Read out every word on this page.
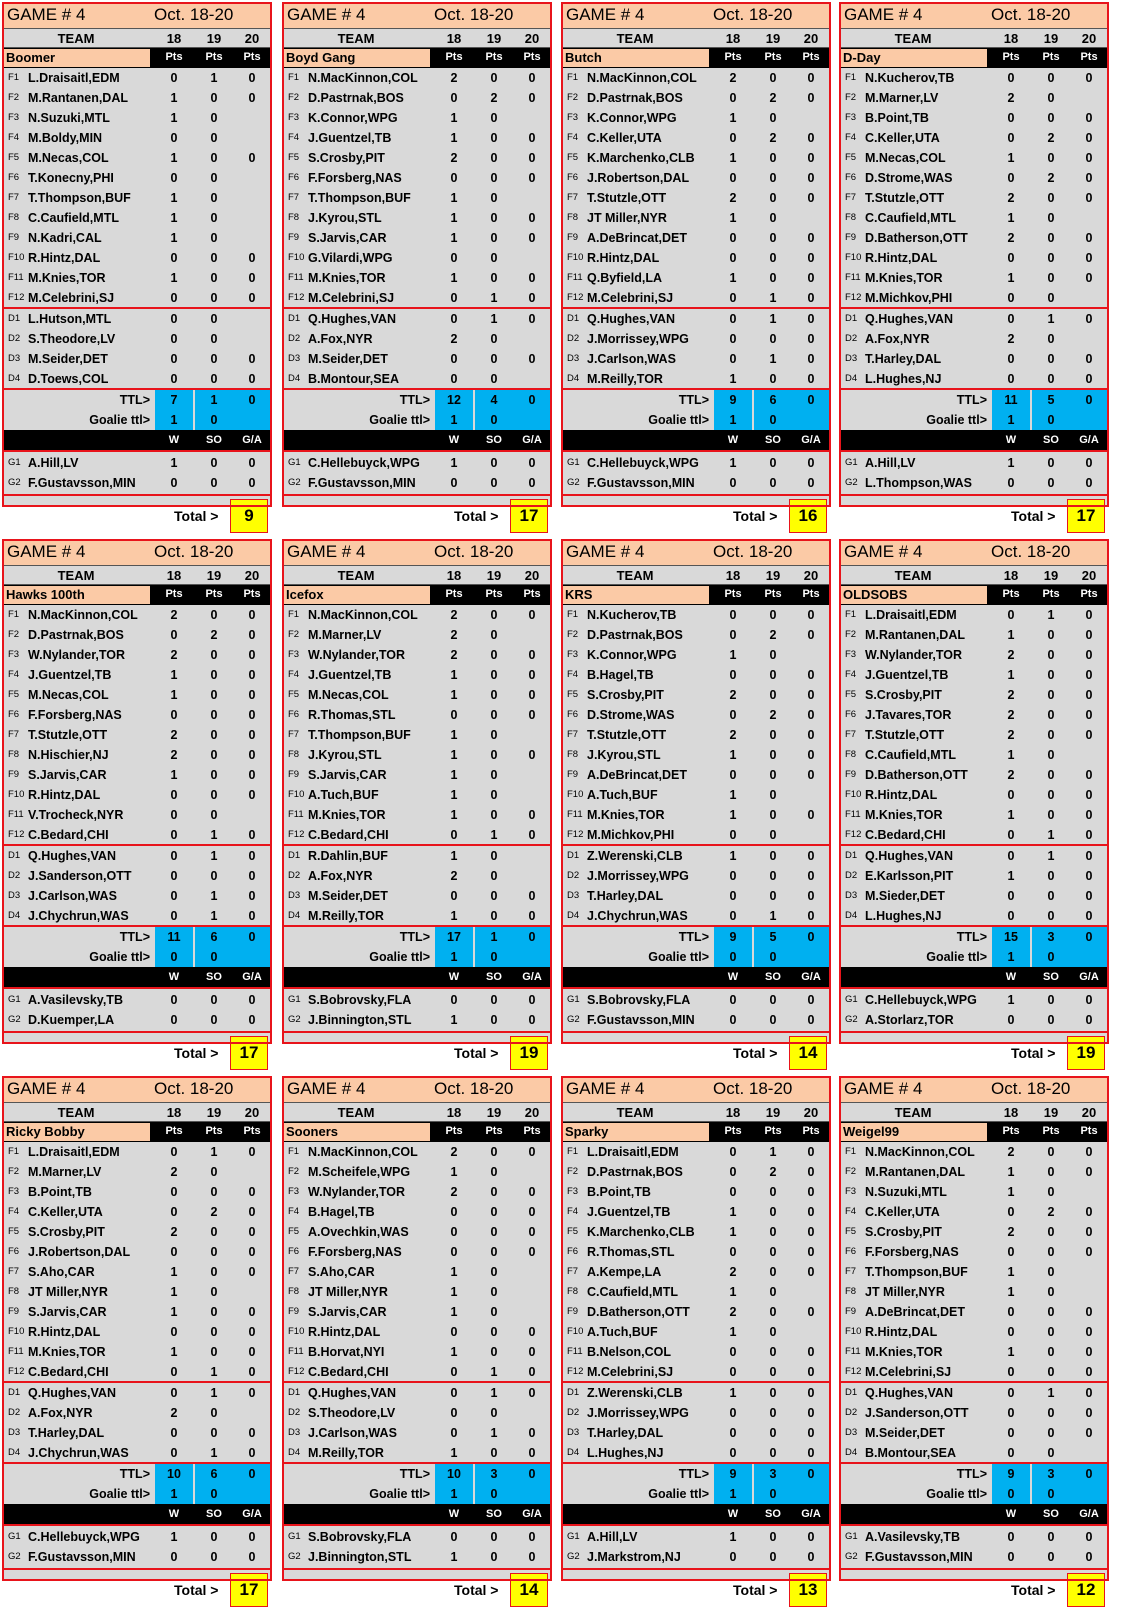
GAME # 4	Oct. 18-20
TEAM	18	19	20
Boomer	Pts	Pts	Pts
F1 L.Draisaitl,EDM	0	1	0
F2 M.Rantanen,DAL	1	0	0
F3 N.Suzuki,MTL	1	0
F4 M.Boldy,MIN	0	0
F5 M.Necas,COL	1	0	0
F6 T.Konecny,PHI	0	0
F7 T.Thompson,BUF	1	0
F8 C.Caufield,MTL	1	0
F9 N.Kadri,CAL	1	0
F10 R.Hintz,DAL	0	0	0
F11 M.Knies,TOR	1	0	0
F12 M.Celebrini,SJ	0	0	0
D1 L.Hutson,MTL	0	0
D2 S.Theodore,LV	0	0
D3 M.Seider,DET	0	0	0
D4 D.Toews,COL	0	0	0
TTL>	7	1	0
Goalie ttl>	1	0
W	SO	G/A
G1 A.Hill,LV	1	0	0
G2 F.Gustavsson,MIN	0	0	0
Total >	9
GAME # 4	Oct. 18-20
TEAM	18	19	20
Boyd Gang	Pts	Pts	Pts
F1 N.MacKinnon,COL	2	0	0
F2 D.Pastrnak,BOS	0	2	0
F3 K.Connor,WPG	1	0
F4 J.Guentzel,TB	1	0	0
F5 S.Crosby,PIT	2	0	0
F6 F.Forsberg,NAS	0	0	0
F7 T.Thompson,BUF	1	0
F8 J.Kyrou,STL	1	0	0
F9 S.Jarvis,CAR	1	0	0
F10 G.Vilardi,WPG	0	0
F11 M.Knies,TOR	1	0	0
F12 M.Celebrini,SJ	0	1	0
D1 Q.Hughes,VAN	0	1	0
D2 A.Fox,NYR	2	0
D3 M.Seider,DET	0	0	0
D4 B.Montour,SEA	0	0
TTL>	12	4	0
Goalie ttl>	1	0
W	SO	G/A
G1 C.Hellebuyck,WPG	1	0	0
G2 F.Gustavsson,MIN	0	0	0
Total >	17
GAME # 4	Oct. 18-20
TEAM	18	19	20
Butch	Pts	Pts	Pts
F1 N.MacKinnon,COL	2	0	0
F2 D.Pastrnak,BOS	0	2	0
F3 K.Connor,WPG	1	0
F4 C.Keller,UTA	0	2	0
F5 K.Marchenko,CLB	1	0	0
F6 J.Robertson,DAL	0	0	0
F7 T.Stutzle,OTT	2	0	0
F8 JT Miller,NYR	1	0
F9 A.DeBrincat,DET	0	0	0
F10 R.Hintz,DAL	0	0	0
F11 Q.Byfield,LA	1	0	0
F12 M.Celebrini,SJ	0	1	0
D1 Q.Hughes,VAN	0	1	0
D2 J.Morrissey,WPG	0	0	0
D3 J.Carlson,WAS	0	1	0
D4 M.Reilly,TOR	1	0	0
TTL>	9	6	0
Goalie ttl>	1	0
W	SO	G/A
G1 C.Hellebuyck,WPG	1	0	0
G2 F.Gustavsson,MIN	0	0	0
Total >	16
GAME # 4	Oct. 18-20
TEAM	18	19	20
D-Day	Pts	Pts	Pts
F1 N.Kucherov,TB	0	0	0
F2 M.Marner,LV	2	0
F3 B.Point,TB	0	0	0
F4 C.Keller,UTA	0	2	0
F5 M.Necas,COL	1	0	0
F6 D.Strome,WAS	0	2	0
F7 T.Stutzle,OTT	2	0	0
F8 C.Caufield,MTL	1	0
F9 D.Batherson,OTT	2	0	0
F10 R.Hintz,DAL	0	0	0
F11 M.Knies,TOR	1	0	0
F12 M.Michkov,PHI	0	0
D1 Q.Hughes,VAN	0	1	0
D2 A.Fox,NYR	2	0
D3 T.Harley,DAL	0	0	0
D4 L.Hughes,NJ	0	0	0
TTL>	11	5	0
Goalie ttl>	1	0
W	SO	G/A
G1 A.Hill,LV	1	0	0
G2 L.Thompson,WAS	0	0	0
Total >	17
GAME # 4	Oct. 18-20
TEAM	18	19	20
Hawks 100th	Pts	Pts	Pts
F1 N.MacKinnon,COL	2	0	0
F2 D.Pastrnak,BOS	0	2	0
F3 W.Nylander,TOR	2	0	0
F4 J.Guentzel,TB	1	0	0
F5 M.Necas,COL	1	0	0
F6 F.Forsberg,NAS	0	0	0
F7 T.Stutzle,OTT	2	0	0
F8 N.Hischier,NJ	2	0	0
F9 S.Jarvis,CAR	1	0	0
F10 R.Hintz,DAL	0	0	0
F11 V.Trocheck,NYR	0	0
F12 C.Bedard,CHI	0	1	0
D1 Q.Hughes,VAN	0	1	0
D2 J.Sanderson,OTT	0	0	0
D3 J.Carlson,WAS	0	1	0
D4 J.Chychrun,WAS	0	1	0
TTL>	11	6	0
Goalie ttl>	0	0
W	SO	G/A
G1 A.Vasilevsky,TB	0	0	0
G2 D.Kuemper,LA	0	0	0
Total >	17
GAME # 4	Oct. 18-20
TEAM	18	19	20
Icefox	Pts	Pts	Pts
F1 N.MacKinnon,COL	2	0	0
F2 M.Marner,LV	2	0
F3 W.Nylander,TOR	2	0	0
F4 J.Guentzel,TB	1	0	0
F5 M.Necas,COL	1	0	0
F6 R.Thomas,STL	0	0	0
F7 T.Thompson,BUF	1	0
F8 J.Kyrou,STL	1	0	0
F9 S.Jarvis,CAR	1	0
F10 A.Tuch,BUF	1	0
F11 M.Knies,TOR	1	0	0
F12 C.Bedard,CHI	0	1	0
D1 R.Dahlin,BUF	1	0
D2 A.Fox,NYR	2	0
D3 M.Seider,DET	0	0	0
D4 M.Reilly,TOR	1	0	0
TTL>	17	1	0
Goalie ttl>	1	0
W	SO	G/A
G1 S.Bobrovsky,FLA	0	0	0
G2 J.Binnington,STL	1	0	0
Total >	19
GAME # 4	Oct. 18-20
TEAM	18	19	20
KRS	Pts	Pts	Pts
F1 N.Kucherov,TB	0	0	0
F2 D.Pastrnak,BOS	0	2	0
F3 K.Connor,WPG	1	0
F4 B.Hagel,TB	0	0	0
F5 S.Crosby,PIT	2	0	0
F6 D.Strome,WAS	0	2	0
F7 T.Stutzle,OTT	2	0	0
F8 J.Kyrou,STL	1	0	0
F9 A.DeBrincat,DET	0	0	0
F10 A.Tuch,BUF	1	0
F11 M.Knies,TOR	1	0	0
F12 M.Michkov,PHI	0	0
D1 Z.Werenski,CLB	1	0	0
D2 J.Morrissey,WPG	0	0	0
D3 T.Harley,DAL	0	0	0
D4 J.Chychrun,WAS	0	1	0
TTL>	9	5	0
Goalie ttl>	0	0
W	SO	G/A
G1 S.Bobrovsky,FLA	0	0	0
G2 F.Gustavsson,MIN	0	0	0
Total >	14
GAME # 4	Oct. 18-20
TEAM	18	19	20
OLDSOBS	Pts	Pts	Pts
F1 L.Draisaitl,EDM	0	1	0
F2 M.Rantanen,DAL	1	0	0
F3 W.Nylander,TOR	2	0	0
F4 J.Guentzel,TB	1	0	0
F5 S.Crosby,PIT	2	0	0
F6 J.Tavares,TOR	2	0	0
F7 T.Stutzle,OTT	2	0	0
F8 C.Caufield,MTL	1	0
F9 D.Batherson,OTT	2	0	0
F10 R.Hintz,DAL	0	0	0
F11 M.Knies,TOR	1	0	0
F12 C.Bedard,CHI	0	1	0
D1 Q.Hughes,VAN	0	1	0
D2 E.Karlsson,PIT	1	0	0
D3 M.Sieder,DET	0	0	0
D4 L.Hughes,NJ	0	0	0
TTL>	15	3	0
Goalie ttl>	1	0
W	SO	G/A
G1 C.Hellebuyck,WPG	1	0	0
G2 A.Storlarz,TOR	0	0	0
Total >	19
GAME # 4	Oct. 18-20
TEAM	18	19	20
Ricky Bobby	Pts	Pts	Pts
F1 L.Draisaitl,EDM	0	1	0
F2 M.Marner,LV	2	0
F3 B.Point,TB	0	0	0
F4 C.Keller,UTA	0	2	0
F5 S.Crosby,PIT	2	0	0
F6 J.Robertson,DAL	0	0	0
F7 S.Aho,CAR	1	0	0
F8 JT Miller,NYR	1	0
F9 S.Jarvis,CAR	1	0	0
F10 R.Hintz,DAL	0	0	0
F11 M.Knies,TOR	1	0	0
F12 C.Bedard,CHI	0	1	0
D1 Q.Hughes,VAN	0	1	0
D2 A.Fox,NYR	2	0
D3 T.Harley,DAL	0	0	0
D4 J.Chychrun,WAS	0	1	0
TTL>	10	6	0
Goalie ttl>	1	0
W	SO	G/A
G1 C.Hellebuyck,WPG	1	0	0
G2 F.Gustavsson,MIN	0	0	0
Total >	17
GAME # 4	Oct. 18-20
TEAM	18	19	20
Sooners	Pts	Pts	Pts
F1 N.MacKinnon,COL	2	0	0
F2 M.Scheifele,WPG	1	0
F3 W.Nylander,TOR	2	0	0
F4 B.Hagel,TB	0	0	0
F5 A.Ovechkin,WAS	0	0	0
F6 F.Forsberg,NAS	0	0	0
F7 S.Aho,CAR	1	0
F8 JT Miller,NYR	1	0
F9 S.Jarvis,CAR	1	0
F10 R.Hintz,DAL	0	0	0
F11 B.Horvat,NYI	1	0	0
F12 C.Bedard,CHI	0	1	0
D1 Q.Hughes,VAN	0	1	0
D2 S.Theodore,LV	0	0
D3 J.Carlson,WAS	0	1	0
D4 M.Reilly,TOR	1	0	0
TTL>	10	3	0
Goalie ttl>	1	0
W	SO	G/A
G1 S.Bobrovsky,FLA	0	0	0
G2 J.Binnington,STL	1	0	0
Total >	14
GAME # 4	Oct. 18-20
TEAM	18	19	20
Sparky	Pts	Pts	Pts
F1 L.Draisaitl,EDM	0	1	0
F2 D.Pastrnak,BOS	0	2	0
F3 B.Point,TB	0	0	0
F4 J.Guentzel,TB	1	0	0
F5 K.Marchenko,CLB	1	0	0
F6 R.Thomas,STL	0	0	0
F7 A.Kempe,LA	2	0	0
F8 C.Caufield,MTL	1	0
F9 D.Batherson,OTT	2	0	0
F10 A.Tuch,BUF	1	0
F11 B.Nelson,COL	0	0	0
F12 M.Celebrini,SJ	0	0	0
D1 Z.Werenski,CLB	1	0	0
D2 J.Morrissey,WPG	0	0	0
D3 T.Harley,DAL	0	0	0
D4 L.Hughes,NJ	0	0	0
TTL>	9	3	0
Goalie ttl>	1	0
W	SO	G/A
G1 A.Hill,LV	1	0	0
G2 J.Markstrom,NJ	0	0	0
Total >	13
GAME # 4	Oct. 18-20
TEAM	18	19	20
Weigel99	Pts	Pts	Pts
F1 N.MacKinnon,COL	2	0	0
F2 M.Rantanen,DAL	1	0	0
F3 N.Suzuki,MTL	1	0
F4 C.Keller,UTA	0	2	0
F5 S.Crosby,PIT	2	0	0
F6 F.Forsberg,NAS	0	0	0
F7 T.Thompson,BUF	1	0
F8 JT Miller,NYR	1	0
F9 A.DeBrincat,DET	0	0	0
F10 R.Hintz,DAL	0	0	0
F11 M.Knies,TOR	1	0	0
F12 M.Celebrini,SJ	0	0	0
D1 Q.Hughes,VAN	0	1	0
D2 J.Sanderson,OTT	0	0	0
D3 M.Seider,DET	0	0	0
D4 B.Montour,SEA	0	0
TTL>	9	3	0
Goalie ttl>	0	0
W	SO	G/A
G1 A.Vasilevsky,TB	0	0	0
G2 F.Gustavsson,MIN	0	0	0
Total >	12
